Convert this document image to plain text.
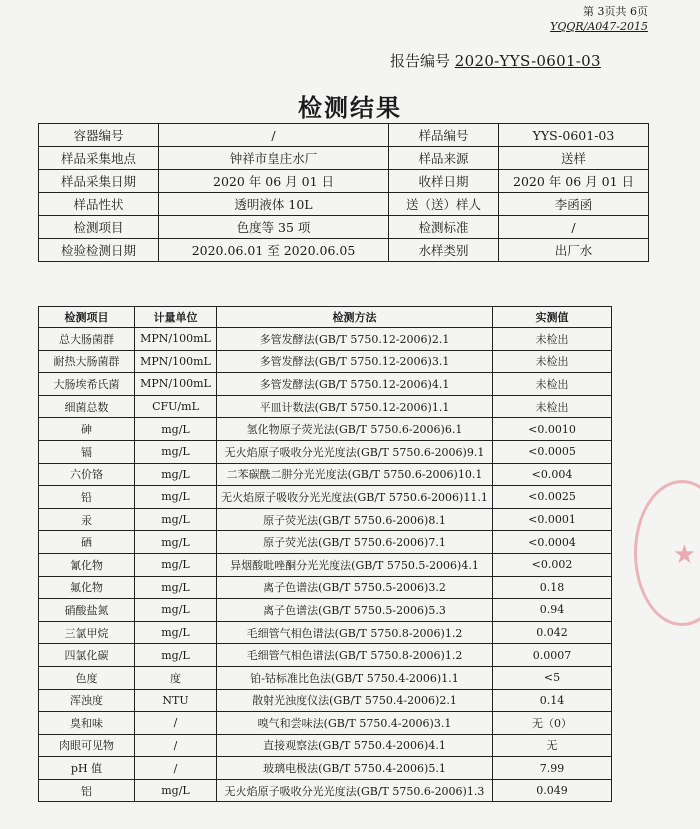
第 3页共 6页
YQQR/A047-2015
报告编号 2020-YYS-0601-03
检测结果
容器编号	/	样品编号	YYS-0601-03
样品采集地点	钟祥市皇庄水厂	样品来源	送样
样品采集日期	2020 年 06 月 01 日	收样日期	2020 年 06 月 01 日
样品性状	透明液体 10L	送（送）样人	李函函
检测项目	色度等 35 项	检测标准	/
检验检测日期	2020.06.01 至 2020.06.05	水样类别	出厂水
检测项目	计量单位	检测方法	实测值
总大肠菌群	MPN/100mL	多管发酵法(GB/T 5750.12-2006)2.1	未检出
耐热大肠菌群	MPN/100mL	多管发酵法(GB/T 5750.12-2006)3.1	未检出
大肠埃希氏菌	MPN/100mL	多管发酵法(GB/T 5750.12-2006)4.1	未检出
细菌总数	CFU/mL	平皿计数法(GB/T 5750.12-2006)1.1	未检出
砷	mg/L	氢化物原子荧光法(GB/T 5750.6-2006)6.1	<0.0010
镉	mg/L	无火焰原子吸收分光光度法(GB/T 5750.6-2006)9.1	<0.0005
六价铬	mg/L	二苯碳酰二肼分光光度法(GB/T 5750.6-2006)10.1	<0.004
铅	mg/L	无火焰原子吸收分光光度法(GB/T 5750.6-2006)11.1	<0.0025
汞	mg/L	原子荧光法(GB/T 5750.6-2006)8.1	<0.0001
硒	mg/L	原子荧光法(GB/T 5750.6-2006)7.1	<0.0004
氰化物	mg/L	异烟酸吡唑酮分光光度法(GB/T 5750.5-2006)4.1	<0.002
氟化物	mg/L	离子色谱法(GB/T 5750.5-2006)3.2	0.18
硝酸盐氮	mg/L	离子色谱法(GB/T 5750.5-2006)5.3	0.94
三氯甲烷	mg/L	毛细管气相色谱法(GB/T 5750.8-2006)1.2	0.042
四氯化碳	mg/L	毛细管气相色谱法(GB/T 5750.8-2006)1.2	0.0007
色度	度	铂-钴标准比色法(GB/T 5750.4-2006)1.1	<5
浑浊度	NTU	散射光浊度仪法(GB/T 5750.4-2006)2.1	0.14
臭和味	/	嗅气和尝味法(GB/T 5750.4-2006)3.1	无（0）
肉眼可见物	/	直接观察法(GB/T 5750.4-2006)4.1	无
pH 值	/	玻璃电极法(GB/T 5750.4-2006)5.1	7.99
铝	mg/L	无火焰原子吸收分光光度法(GB/T 5750.6-2006)1.3	0.049
★
